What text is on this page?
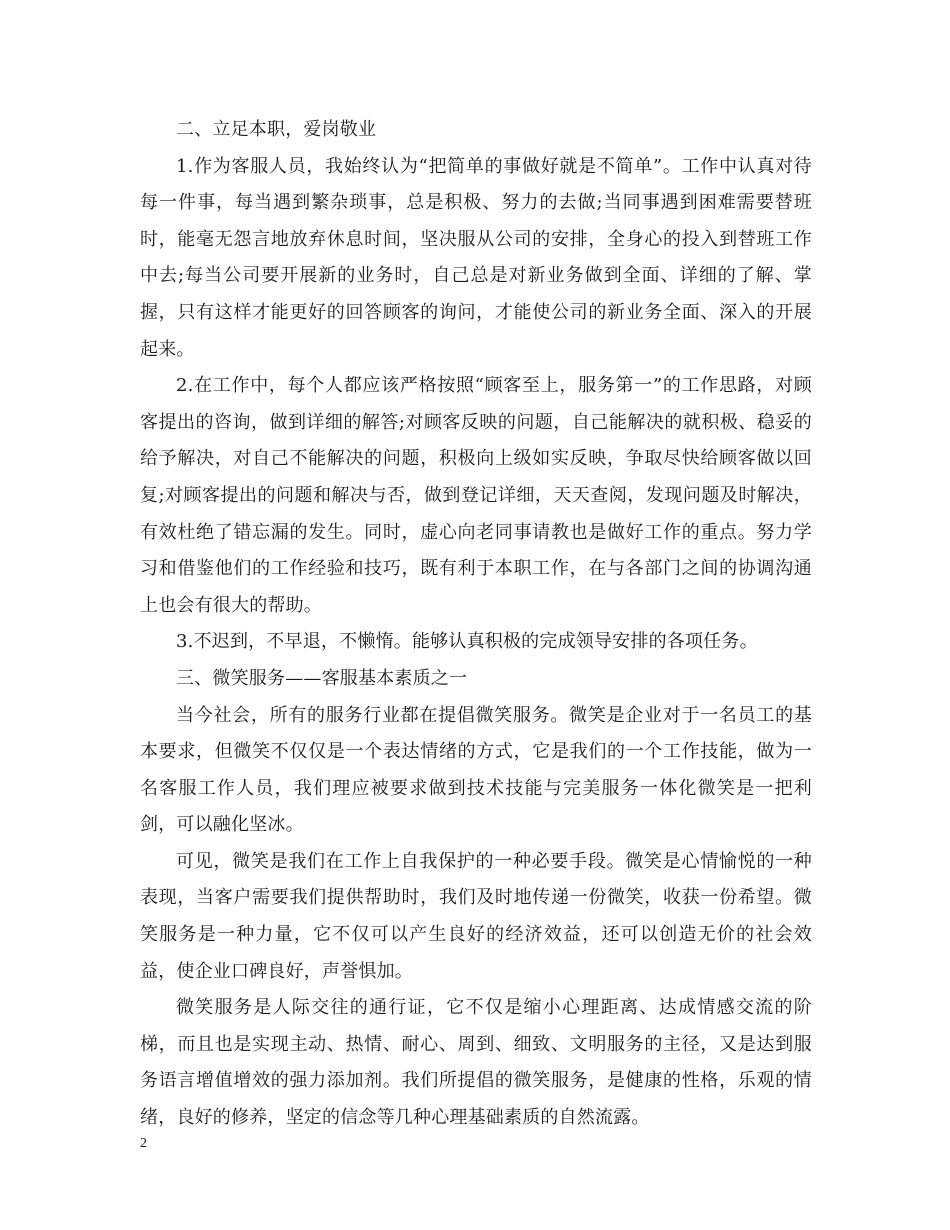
二、立足本职，爱岗敬业

1.作为客服人员，我始终认为“把简单的事做好就是不简单”。工作中认真对待每一件事，每当遇到繁杂琐事，总是积极、努力的去做;当同事遇到困难需要替班时，能毫无怨言地放弃休息时间，坚决服从公司的安排，全身心的投入到替班工作中去;每当公司要开展新的业务时，自己总是对新业务做到全面、详细的了解、掌握，只有这样才能更好的回答顾客的询问，才能使公司的新业务全面、深入的开展起来。

2.在工作中，每个人都应该严格按照“顾客至上，服务第一”的工作思路，对顾客提出的咨询，做到详细的解答;对顾客反映的问题，自己能解决的就积极、稳妥的给予解决，对自己不能解决的问题，积极向上级如实反映，争取尽快给顾客做以回复;对顾客提出的问题和解决与否，做到登记详细，天天查阅，发现问题及时解决，有效杜绝了错忘漏的发生。同时，虚心向老同事请教也是做好工作的重点。努力学习和借鉴他们的工作经验和技巧，既有利于本职工作，在与各部门之间的协调沟通上也会有很大的帮助。

3.不迟到，不早退，不懒惰。能够认真积极的完成领导安排的各项任务。

三、微笑服务——客服基本素质之一

当今社会，所有的服务行业都在提倡微笑服务。微笑是企业对于一名员工的基本要求，但微笑不仅仅是一个表达情绪的方式，它是我们的一个工作技能，做为一名客服工作人员，我们理应被要求做到技术技能与完美服务一体化微笑是一把利剑，可以融化坚冰。

可见，微笑是我们在工作上自我保护的一种必要手段。微笑是心情愉悦的一种表现，当客户需要我们提供帮助时，我们及时地传递一份微笑，收获一份希望。微笑服务是一种力量，它不仅可以产生良好的经济效益，还可以创造无价的社会效益，使企业口碑良好，声誉惧加。

微笑服务是人际交往的通行证，它不仅是缩小心理距离、达成情感交流的阶梯，而且也是实现主动、热情、耐心、周到、细致、文明服务的主径，又是达到服务语言增值增效的强力添加剂。我们所提倡的微笑服务，是健康的性格，乐观的情绪，良好的修养，坚定的信念等几种心理基础素质的自然流露。

2
